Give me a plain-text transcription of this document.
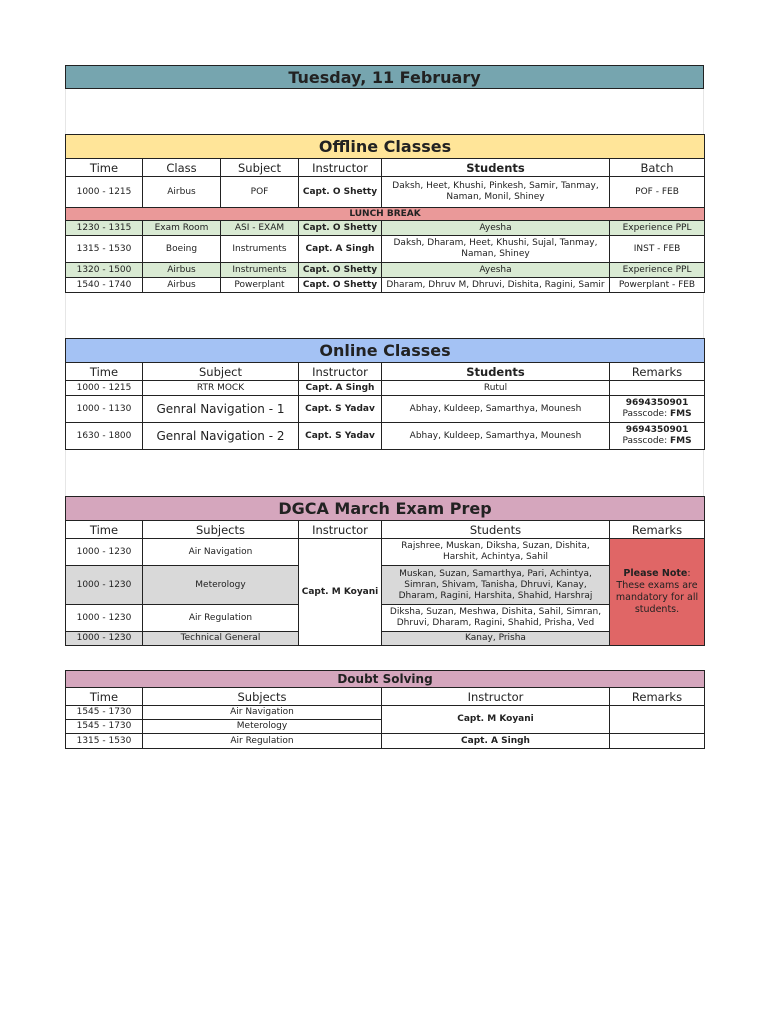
Tuesday, 11 February
Offline Classes					
Time	Class	Subject	Instructor	Students	Batch
1000 - 1215	Airbus	POF	Capt. O Shetty	Daksh, Heet, Khushi, Pinkesh, Samir, Tanmay, Naman, Monil, Shiney	POF - FEB
LUNCH BREAK					
1230 - 1315	Exam Room	ASI - EXAM	Capt. O Shetty	Ayesha	Experience PPL
1315 - 1530	Boeing	Instruments	Capt. A Singh	Daksh, Dharam, Heet, Khushi, Sujal, Tanmay, Naman, Shiney	INST - FEB
1320 - 1500	Airbus	Instruments	Capt. O Shetty	Ayesha	Experience PPL
1540 - 1740	Airbus	Powerplant	Capt. O Shetty	Dharam, Dhruv M, Dhruvi, Dishita, Ragini, Samir	Powerplant - FEB
Online Classes				
Time	Subject	Instructor	Students	Remarks
1000 - 1215	RTR MOCK	Capt. A Singh	Rutul	
1000 - 1130	Genral Navigation - 1	Capt. S Yadav	Abhay, Kuldeep, Samarthya, Mounesh	9694350901
Passcode: FMS

1630 - 1800	Genral Navigation - 2	Capt. S Yadav	Abhay, Kuldeep, Samarthya, Mounesh	9694350901
Passcode: FMS
DGCA March Exam Prep				
Time	Subjects	Instructor	Students	Remarks
1000 - 1230	Air Navigation	Capt. M Koyani	Rajshree, Muskan, Diksha, Suzan, Dishita, Harshit, Achintya, Sahil	Please Note: These exams are mandatory for all students.
1000 - 1230	Meterology		Muskan, Suzan, Samarthya, Pari, Achintya, Simran, Shivam, Tanisha, Dhruvi, Kanay, Dharam, Ragini, Harshita, Shahid, Harshraj	
1000 - 1230	Air Regulation		Diksha, Suzan, Meshwa, Dishita, Sahil, Simran, Dhruvi, Dharam, Ragini, Shahid, Prisha, Ved	
1000 - 1230	Technical General		Kanay, Prisha	
Doubt Solving			
Time	Subjects	Instructor	Remarks
1545 - 1730	Air Navigation	Capt. M Koyani	
1545 - 1730	Meterology		
1315 - 1530	Air Regulation	Capt. A Singh	
